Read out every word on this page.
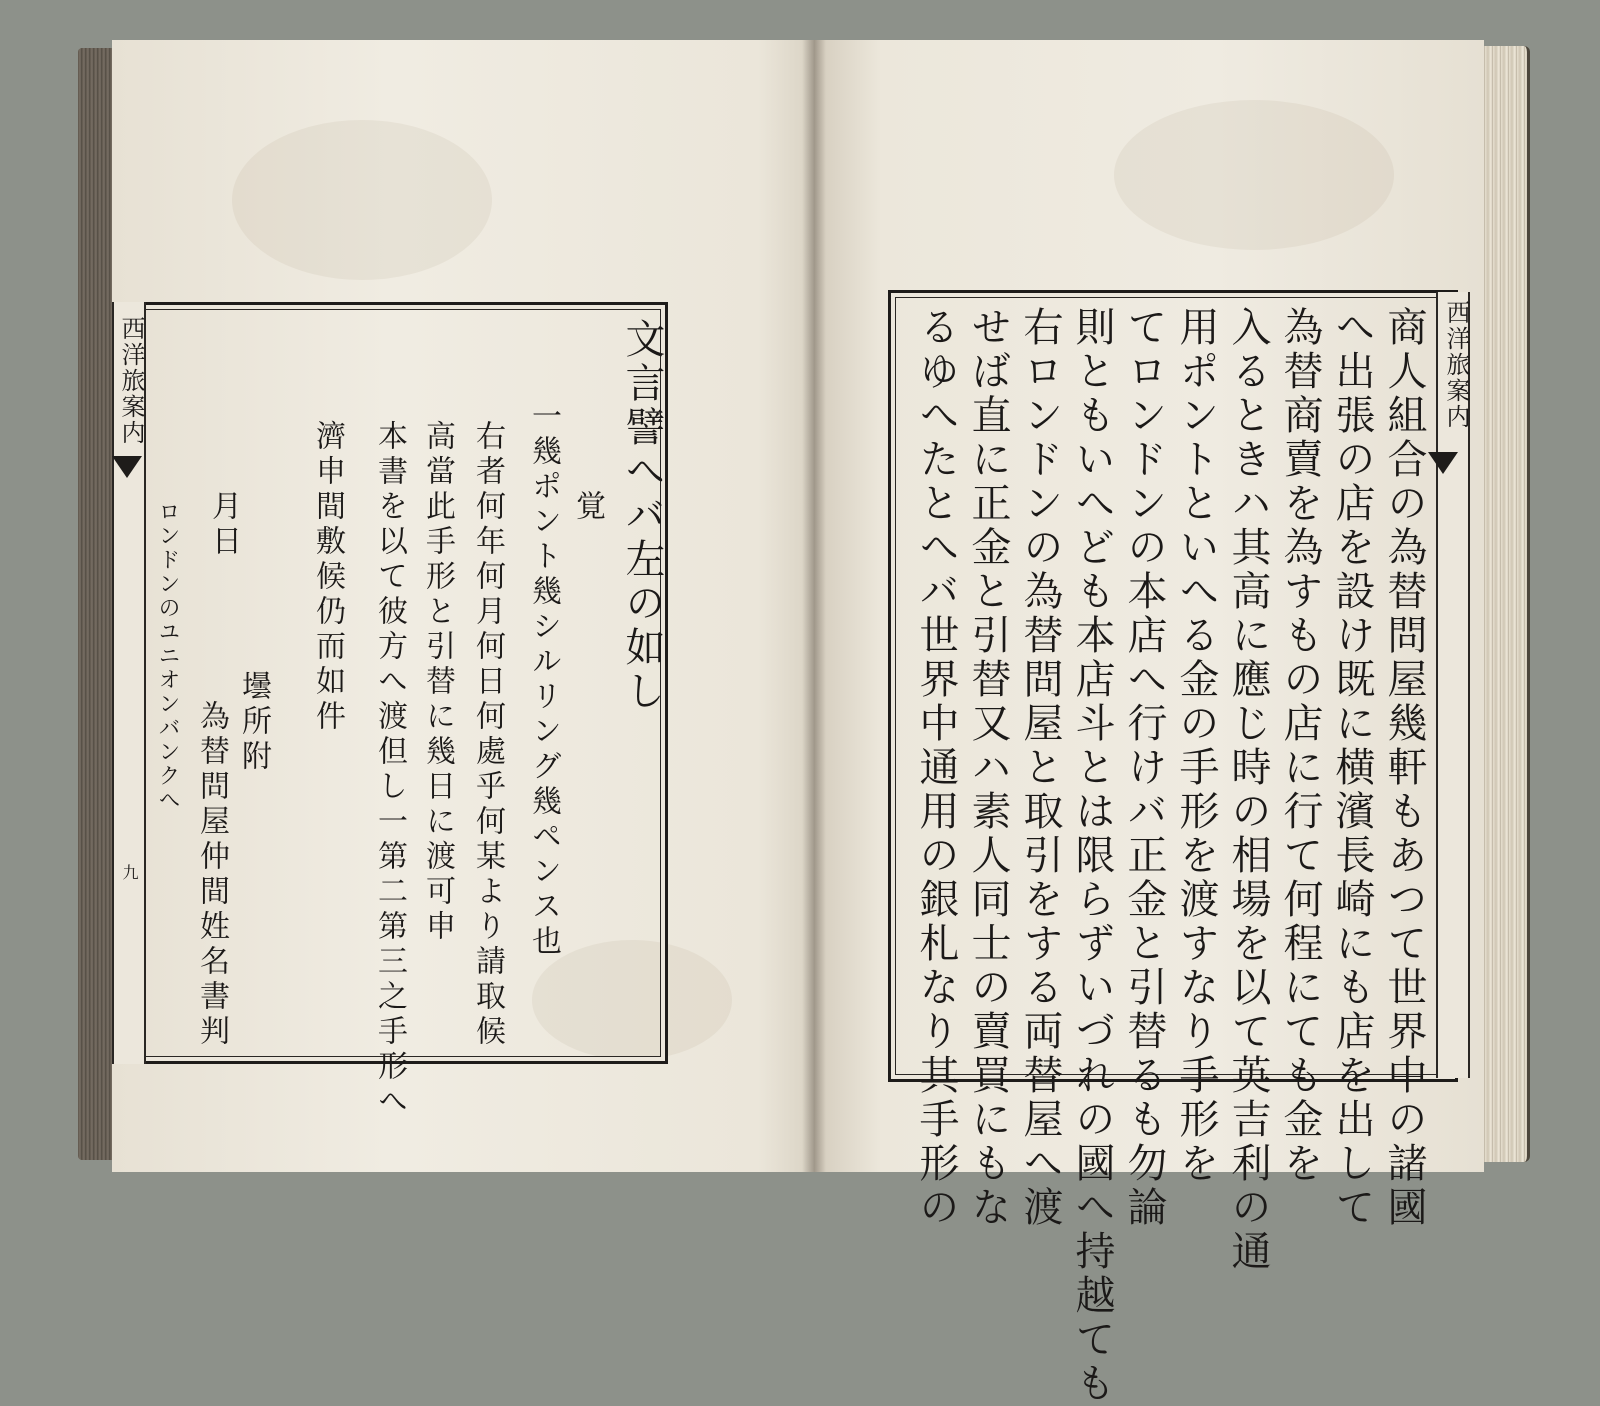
西洋旅案内
九
文言譬へバ左の如し
覚
一幾ポント幾シルリング幾ペンス也
右者何年何月何日何處乎何某より請取候
高當此手形と引替に幾日に渡可申
本書を以て彼方へ渡但し一第二第三之手形へ
濟申間敷候仍而如件
月日
壜所附
為替問屋仲間姓名書判
ロンドンのユニオンバンクへ
西洋旅案内
商人組合の為替問屋幾軒もあつて世界中の諸國
へ出張の店を設け既に横濱長崎にも店を出して
為替商賣を為すもの店に行て何程にても金を
入るときハ其高に應じ時の相場を以て英吉利の通
用ポントといへる金の手形を渡すなり手形を
てロンドンの本店へ行けバ正金と引替るも勿論
則ともいへども本店斗とは限らずいづれの國へ持越ても
右ロンドンの為替問屋と取引をする両替屋へ渡
せば直に正金と引替又ハ素人同士の賣買にもな
るゆへたとへバ世界中通用の銀札なり其手形の
